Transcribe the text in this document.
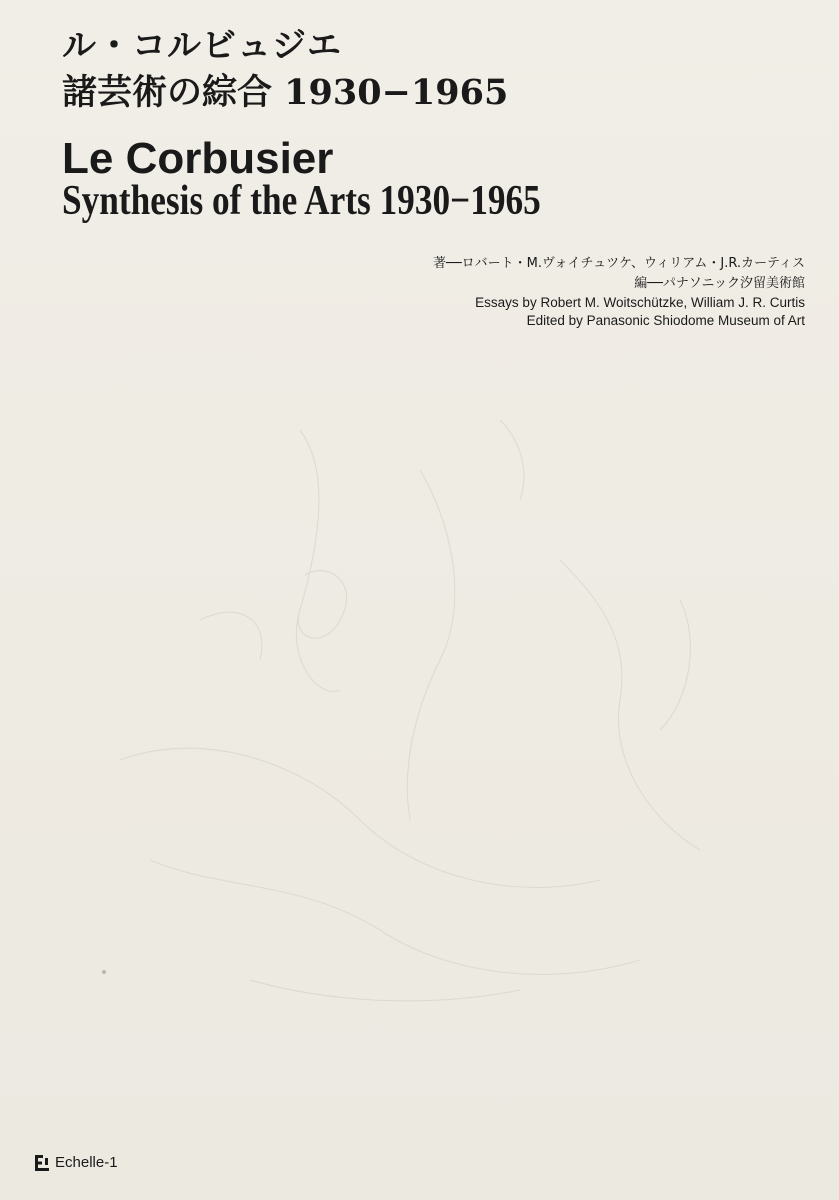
ル・コルビュジエ
諸芸術の綜合 1930−1965
Le Corbusier
Synthesis of the Arts 1930−1965
著──ロバート・M.ヴォイチュツケ、ウィリアム・J.R.カーティス
編──パナソニック汐留美術館
Essays by Robert M. Woitschützke, William J. R. Curtis
Edited by Panasonic Shiodome Museum of Art
Echelle-1
